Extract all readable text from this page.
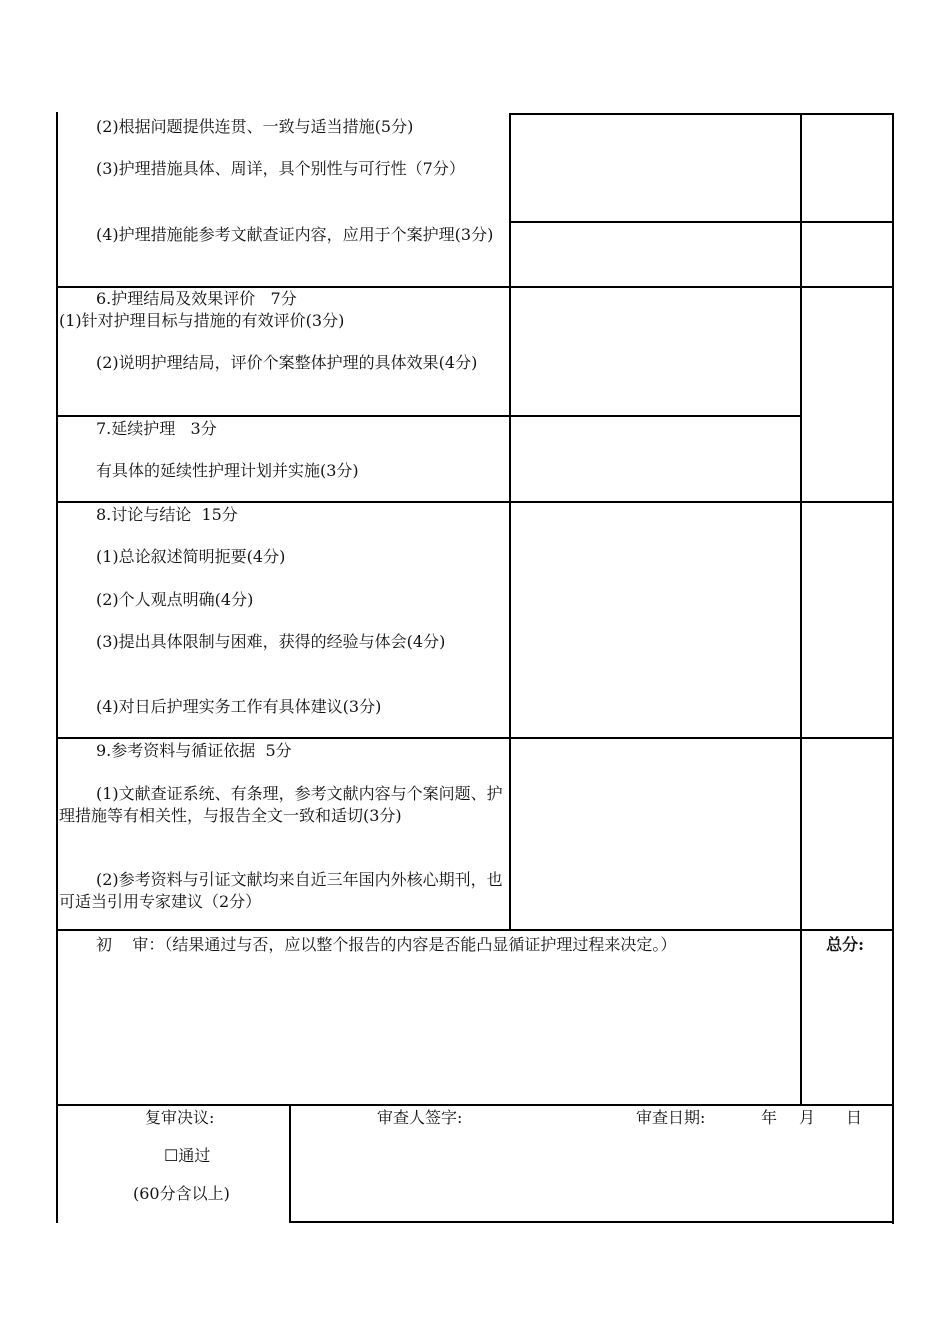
(2)根据问题提供连贯、一致与适当措施(5分)
(3)护理措施具体、周详，具个别性与可行性（7分）
(4)护理措施能参考文献查证内容，应用于个案护理(3分)
6.护理结局及效果评价   7分
(1)针对护理目标与措施的有效评价(3分)
(2)说明护理结局，评价个案整体护理的具体效果(4分)
7.延续护理   3分
有具体的延续性护理计划并实施(3分)
8.讨论与结论  15分
(1)总论叙述简明扼要(4分)
(2)个人观点明确(4分)
(3)提出具体限制与困难，获得的经验与体会(4分)
(4)对日后护理实务工作有具体建议(3分)
9.参考资料与循证依据  5分
(1)文献查证系统、有条理，参考文献内容与个案问题、护理措施等有相关性，与报告全文一致和适切(3分)
(2)参考资料与引证文献均来自近三年国内外核心期刊，也可适当引用专家建议（2分）
初    审：（结果通过与否，应以整个报告的内容是否能凸显循证护理过程来决定。）	总分:
复审决议:
☐通过
(60分含以上)
审查人签字:	审查日期:	年 月 日
